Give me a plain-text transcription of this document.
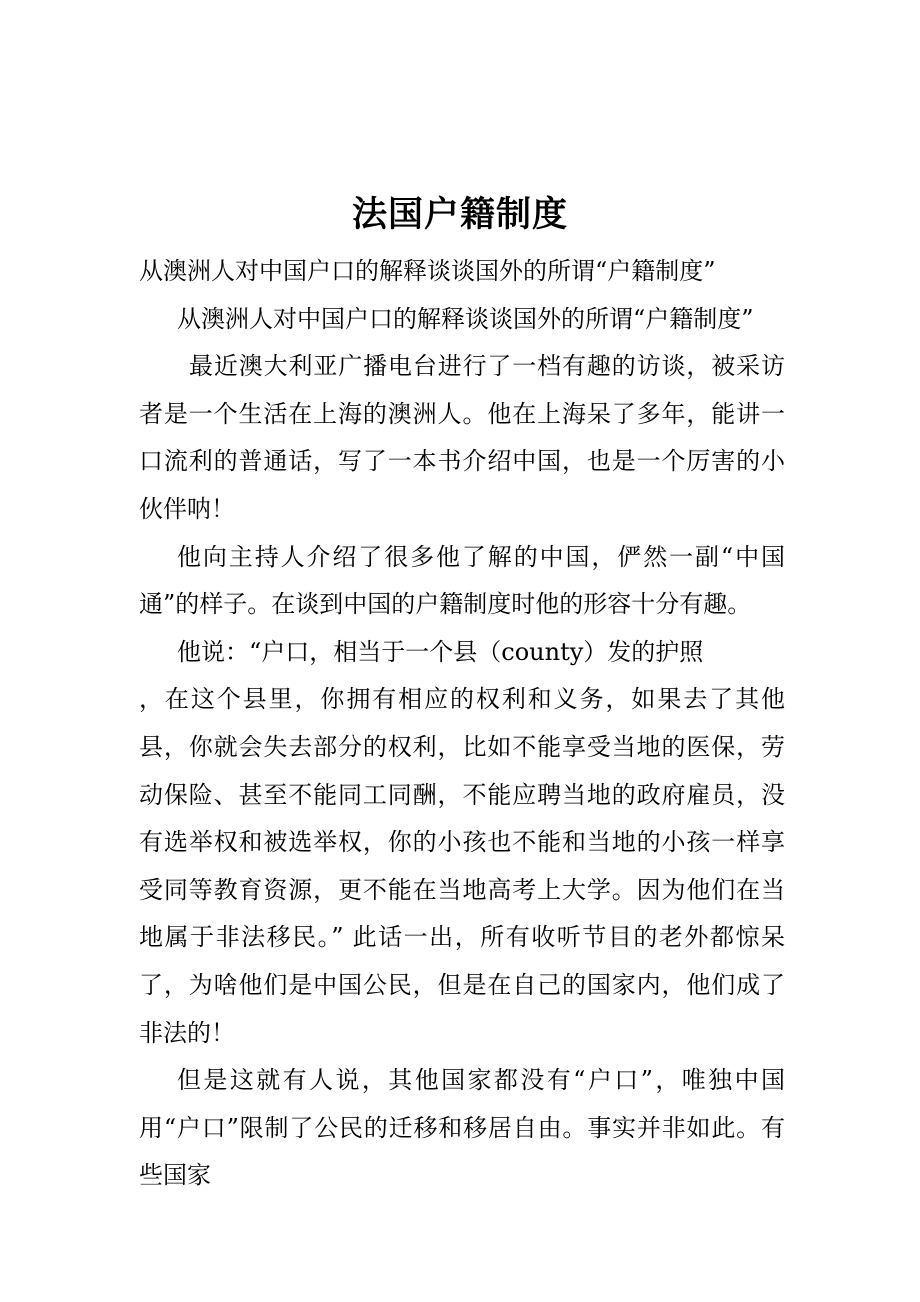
法国户籍制度

从澳洲人对中国户口的解释谈谈国外的所谓“户籍制度”

从澳洲人对中国户口的解释谈谈国外的所谓“户籍制度”

最近澳大利亚广播电台进行了一档有趣的访谈，被采访者是一个生活在上海的澳洲人。他在上海呆了多年，能讲一口流利的普通话，写了一本书介绍中国，也是一个厉害的小伙伴呐！

他向主持人介绍了很多他了解的中国，俨然一副“中国通”的样子。在谈到中国的户籍制度时他的形容十分有趣。

他说：“户口，相当于一个县（county）发的护照

，在这个县里，你拥有相应的权利和义务，如果去了其他县，你就会失去部分的权利，比如不能享受当地的医保，劳动保险、甚至不能同工同酬，不能应聘当地的政府雇员，没有选举权和被选举权，你的小孩也不能和当地的小孩一样享受同等教育资源，更不能在当地高考上大学。因为他们在当地属于非法移民。” 此话一出，所有收听节目的老外都惊呆了，为啥他们是中国公民，但是在自己的国家内，他们成了非法的！

但是这就有人说，其他国家都没有“户口”，唯独中国用“户口”限制了公民的迁移和移居自由。事实并非如此。有些国家
